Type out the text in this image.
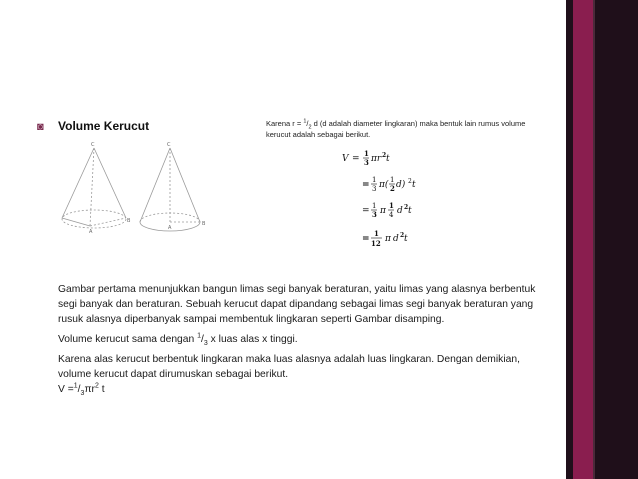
◙ Volume Kerucut	Karena $r = ^1/_2$ d (d adalah diameter lingkaran) maka bentuk lain rumus volume kerucut adalah sebagai berikut.
C
A
B
C
A
B
V =
1
3 πr 2 t
= 1
3 π( 1
2 d) 2 t
= 1
3 π
1
4 d 2 t
=
1
12 π d 2 t

Gambar pertama menunjukkan bangun limas segi banyak beraturan, yaitu limas yang alasnya berbentuk segi banyak dan beraturan. Sebuah kerucut dapat dipandang sebagai limas segi banyak beraturan yang rusuk alasnya diperbanyak sampai membentuk lingkaran seperti Gambar disamping.

Volume kerucut sama dengan $^1/_3$ x luas alas x tinggi.

Karena alas kerucut berbentuk lingkaran maka luas alasnya adalah luas lingkaran. Dengan demikian, volume kerucut dapat dirumuskan sebagai berikut.
$V =^1/_3\pi r^2$ t
